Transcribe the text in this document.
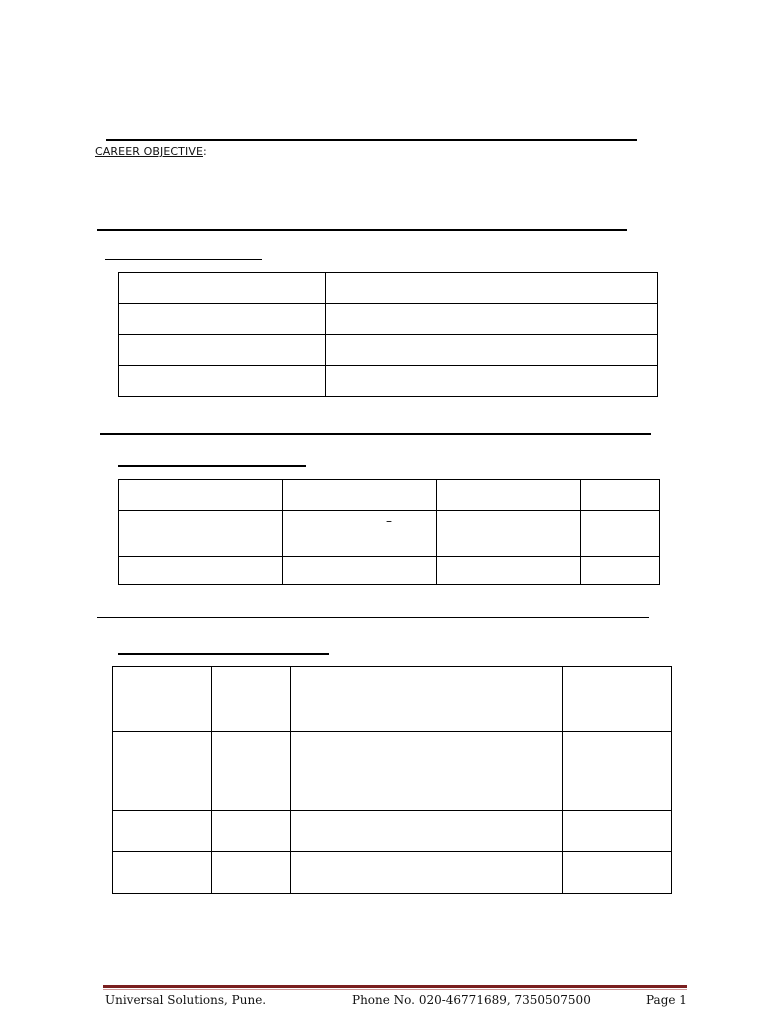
CAREER OBJECTIVE:

–

Universal Solutions, Pune.	Phone No. 020-46771689, 7350507500	Page 1
